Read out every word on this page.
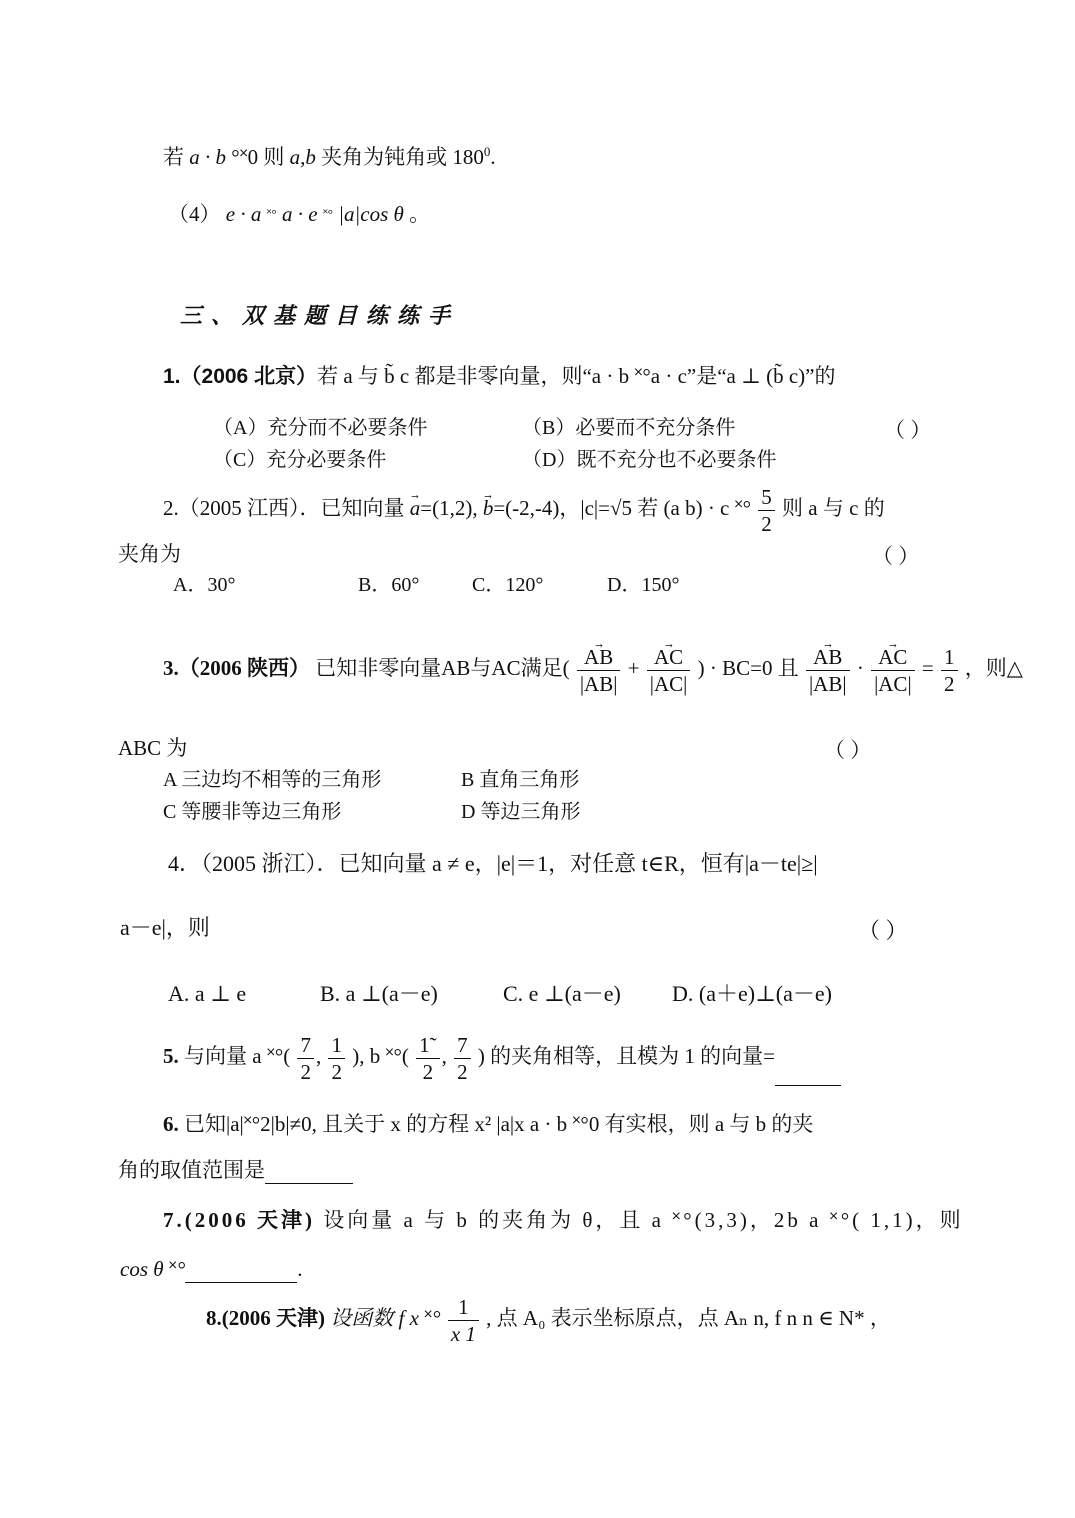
若 a · b °˟0 则 a,b 夹角为钝角或 $180^0$.
（4） e · a ˟° a · e ˟° |a|cos θ 。
三、双基题目练练手
1.（2006 北京）若 a 与 b̃ c 都是非零向量，则“a · b ˟°a · c”是“a ⊥ (b̃ c)”的
（A）充分而不必要条件	（B）必要而不充分条件	（ ）
（C）充分必要条件	（D）既不充分也不必要条件
2.（2005 江西）．已知向量 → a=(1,2), → b=(-2,-4)，|c|=√5 若 (a b) · c ˟° $\frac{5}{2}$ 则 a 与 c 的
夹角为	（ ）
A．30°	B．60°	C．120°	D．150°
3.（2006 陕西） 已知非零向量AB与AC满足( → $\frac{AB}{|AB|}$ + → $\frac{AC}{|AC|}$ ) · BC=0 且 → $\frac{AB}{|AB|}$ · → $\frac{AC}{|AC|} = \frac{1}{2}$ ，则△
ABC 为	（ ）
A 三边均不相等的三角形	B 直角三角形
C 等腰非等边三角形	D 等边三角形
4．（2005 浙江）．已知向量 a ≠ e，|e|＝1，对任意 t∈R，恒有|a－te|≥|
a－e|，则	（ ）
A. a ⊥ e	B. a ⊥(a－e)	C. e ⊥(a－e) D. (a＋e)⊥(a－e)
5. 与向量 a ˟°( $\frac{7}{2}$ , $\frac{1}{2}$ ), b ˟°( $\frac{1˜}{2}$ , $\frac{7}{2}$ ) 的夹角相等，且模为 1 的向量=
6. 已知|a|˟°2|b|≠0, 且关于 x 的方程 x² |a|x a · b ˟°0 有实根，则 a 与 b 的夹
角的取值范围是
7.(2006 天津) 设向量 a 与 b 的夹角为 θ，且 a ˟°(3,3)，2b a ˟°( 1,1)，则
cos θ ˟°	.
8.(2006 天津) 设函数 f x ˟° $\frac{1}{x 1}$ , 点 A₀ 表示坐标原点，点 Aₙ n, f n n ∈ N* ，
